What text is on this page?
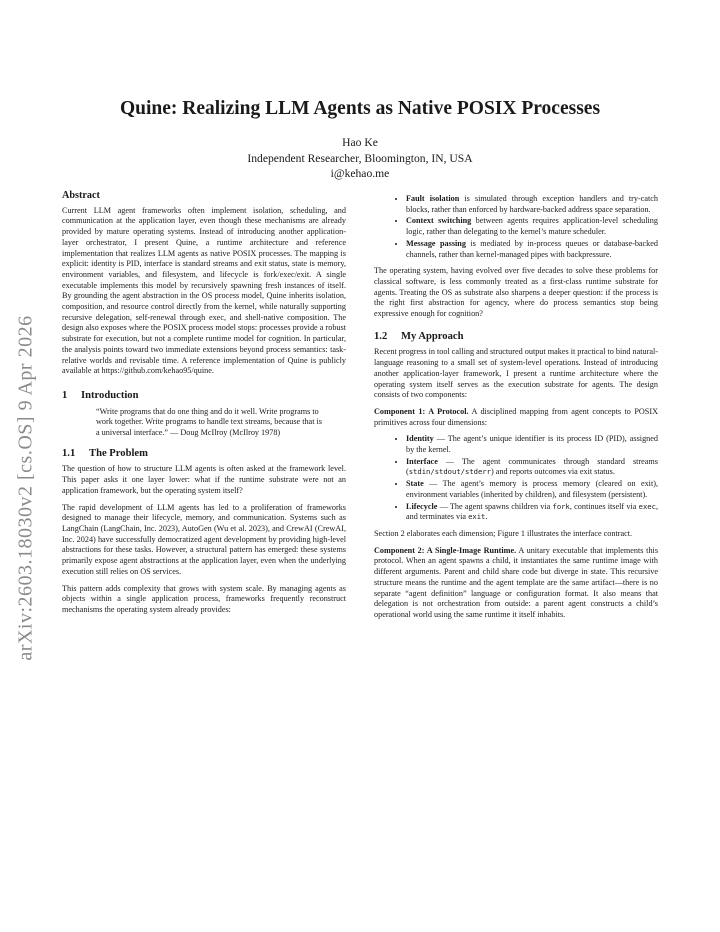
arXiv:2603.18030v2 [cs.OS] 9 Apr 2026
Quine: Realizing LLM Agents as Native POSIX Processes
Hao Ke
Independent Researcher, Bloomington, IN, USA
i@kehao.me
Abstract

Current LLM agent frameworks often implement isolation, scheduling, and communication at the application layer, even though these mechanisms are already provided by mature operating systems. Instead of introducing another application-layer orchestrator, I present Quine, a runtime architecture and reference implementation that realizes LLM agents as native POSIX processes. The mapping is explicit: identity is PID, interface is standard streams and exit status, state is memory, environment variables, and filesystem, and lifecycle is fork/exec/exit. A single executable implements this model by recursively spawning fresh instances of itself. By grounding the agent abstraction in the OS process model, Quine inherits isolation, composition, and resource control directly from the kernel, while naturally supporting recursive delegation, self-renewal through exec, and shell-native composition. The design also exposes where the POSIX process model stops: processes provide a robust substrate for execution, but not a complete runtime model for cognition. In particular, the analysis points toward two immediate extensions beyond process semantics: task-relative worlds and revisable time. A reference implementation of Quine is publicly available at https://github.com/kehao95/quine.

1 Introduction
“Write programs that do one thing and do it well. Write programs to work together. Write programs to handle text streams, because that is a universal interface.” — Doug McIlroy (McIlroy 1978)
1.1 The Problem

The question of how to structure LLM agents is often asked at the framework level. This paper asks it one layer lower: what if the runtime substrate were not an application framework, but the operating system itself?

The rapid development of LLM agents has led to a proliferation of frameworks designed to manage their lifecycle, memory, and communication. Systems such as LangChain (LangChain, Inc. 2023), AutoGen (Wu et al. 2023), and CrewAI (CrewAI, Inc. 2024) have successfully democratized agent development by providing high-level abstractions for these tasks. However, a structural pattern has emerged: these systems primarily expose agent abstractions at the application layer, even when the underlying execution still relies on OS services.

This pattern adds complexity that grows with system scale. By managing agents as objects within a single application process, frameworks frequently reconstruct mechanisms the operating system already provides:

• Fault isolation is simulated through exception handlers and try-catch blocks, rather than enforced by hardware-backed address space separation.
• Context switching between agents requires application-level scheduling logic, rather than delegating to the kernel’s mature scheduler.
• Message passing is mediated by in-process queues or database-backed channels, rather than kernel-managed pipes with backpressure.

The operating system, having evolved over five decades to solve these problems for classical software, is less commonly treated as a first-class runtime substrate for agents. Treating the OS as substrate also sharpens a deeper question: if the process is the right first abstraction for agency, where do process semantics stop being expressive enough for cognition?

1.2 My Approach

Recent progress in tool calling and structured output makes it practical to bind natural-language reasoning to a small set of system-level operations. Instead of introducing another application-layer framework, I present a runtime architecture where the operating system itself serves as the execution substrate for agents. The design consists of two components:

Component 1: A Protocol. A disciplined mapping from agent concepts to POSIX primitives across four dimensions:

• Identity — The agent’s unique identifier is its process ID (PID), assigned by the kernel.
• Interface — The agent communicates through standard streams (stdin/stdout/stderr) and reports outcomes via exit status.
• State — The agent’s memory is process memory (cleared on exit), environment variables (inherited by children), and filesystem (persistent).
• Lifecycle — The agent spawns children via fork, continues itself via exec, and terminates via exit.

Section 2 elaborates each dimension; Figure 1 illustrates the interface contract.

Component 2: A Single-Image Runtime. A unitary executable that implements this protocol. When an agent spawns a child, it instantiates the same runtime image with different arguments. Parent and child share code but diverge in state. This recursive structure means the runtime and the agent template are the same artifact—there is no separate “agent definition” language or configuration format. It also means that delegation is not orchestration from outside: a parent agent constructs a child’s operational world using the same runtime it itself inhabits.
